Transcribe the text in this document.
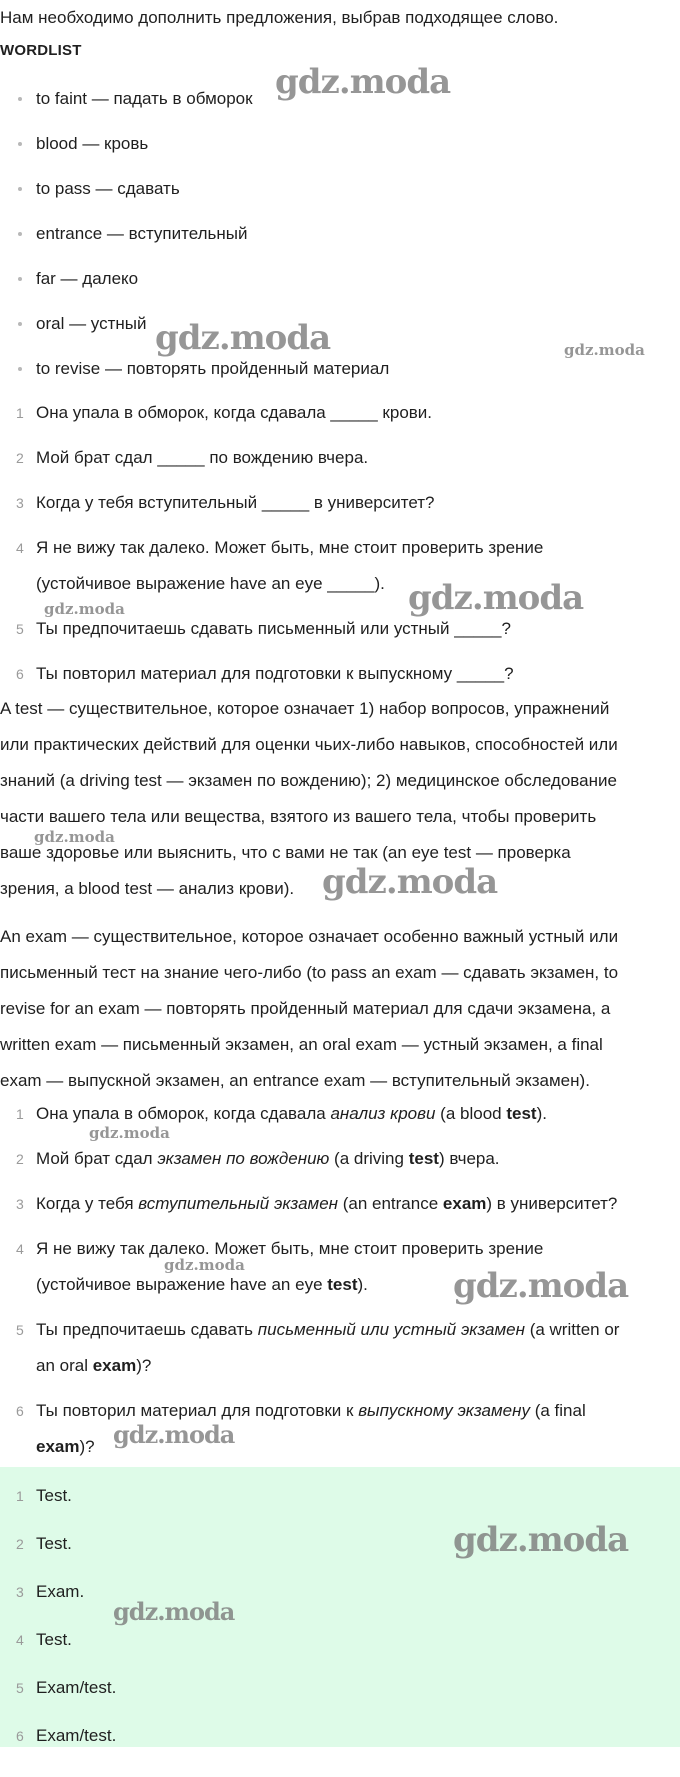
Нам необходимо дополнить предложения, выбрав подходящее слово.
WORDLIST
to faint — падать в обморок
blood — кровь
to pass — сдавать
entrance — вступительный
far — далеко
oral — устный
to revise — повторять пройденный материал
1 Она упала в обморок, когда сдавала _____ крови.
2 Мой брат сдал _____ по вождению вчера.
3 Когда у тебя вступительный _____ в университет?
4 Я не вижу так далеко. Может быть, мне стоит проверить зрение
(устойчивое выражение have an eye _____).
5 Ты предпочитаешь сдавать письменный или устный _____?
6 Ты повторил материал для подготовки к выпускному _____?

A test — существительное, которое означает 1) набор вопросов, упражнений
или практических действий для оценки чьих-либо навыков, способностей или
знаний (a driving test — экзамен по вождению); 2) медицинское обследование
части вашего тела или вещества, взятого из вашего тела, чтобы проверить
ваше здоровье или выяснить, что с вами не так (an eye test — проверка
зрения, a blood test — анализ крови).

An exam — существительное, которое означает особенно важный устный или
письменный тест на знание чего-либо (to pass an exam — сдавать экзамен, to
revise for an exam — повторять пройденный материал для сдачи экзамена, a
written exam — письменный экзамен, an oral exam — устный экзамен, a final
exam — выпускной экзамен, an entrance exam — вступительный экзамен).

1 Она упала в обморок, когда сдавала анализ крови (a blood test).
2 Мой брат сдал экзамен по вождению (a driving test) вчера.
3 Когда у тебя вступительный экзамен (an entrance exam) в университет?
4 Я не вижу так далеко. Может быть, мне стоит проверить зрение
(устойчивое выражение have an eye test).
5 Ты предпочитаешь сдавать письменный или устный экзамен (a written or
an oral exam)?
6 Ты повторил материал для подготовки к выпускному экзамену (a final
exam)?
1 Test.
2 Test.
3 Exam.
4 Test.
5 Exam/test.
6 Exam/test.
gdz.moda
gdz.moda	gdz.moda
gdz.moda
gdz.moda
gdz.moda
gdz.moda
gdz.moda
gdz.moda
gdz.moda
gdz.moda
gdz.moda
gdz.moda
